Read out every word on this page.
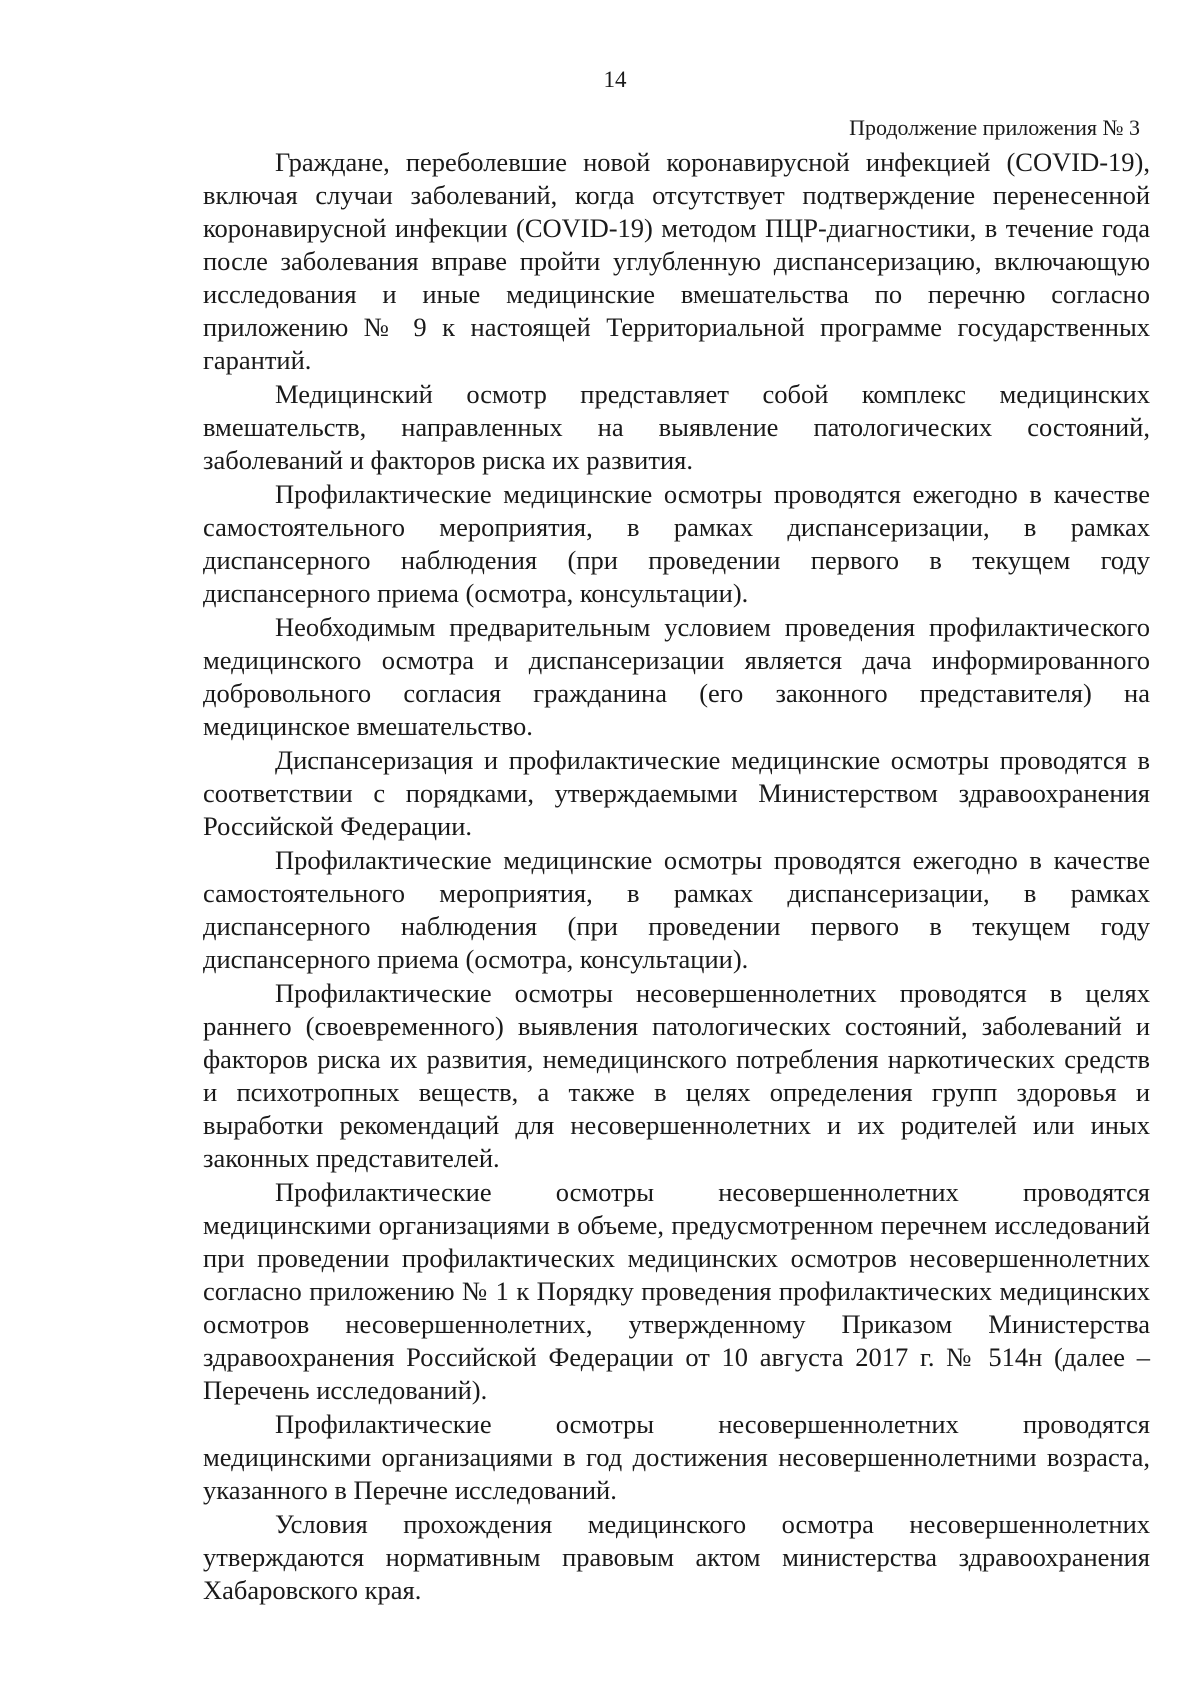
14
Продолжение приложения № 3

Граждане, переболевшие новой коронавирусной инфекцией (COVID-19), включая случаи заболеваний, когда отсутствует подтверждение перенесенной коронавирусной инфекции (COVID-19) методом ПЦР-диагностики, в течение года после заболевания вправе пройти углубленную диспансеризацию, включающую исследования и иные медицинские вмешательства по перечню согласно приложению № 9 к настоящей Территориальной программе государственных гарантий.

Медицинский осмотр представляет собой комплекс медицинских вмешательств, направленных на выявление патологических состояний, заболеваний и факторов риска их развития.

Профилактические медицинские осмотры проводятся ежегодно в качестве самостоятельного мероприятия, в рамках диспансеризации, в рамках диспансерного наблюдения (при проведении первого в текущем году диспансерного приема (осмотра, консультации).

Необходимым предварительным условием проведения профилактического медицинского осмотра и диспансеризации является дача информированного добровольного согласия гражданина (его законного представителя) на медицинское вмешательство.

Диспансеризация и профилактические медицинские осмотры проводятся в соответствии с порядками, утверждаемыми Министерством здравоохранения Российской Федерации.

Профилактические медицинские осмотры проводятся ежегодно в качестве самостоятельного мероприятия, в рамках диспансеризации, в рамках диспансерного наблюдения (при проведении первого в текущем году диспансерного приема (осмотра, консультации).

Профилактические осмотры несовершеннолетних проводятся в целях раннего (своевременного) выявления патологических состояний, заболеваний и факторов риска их развития, немедицинского потребления наркотических средств и психотропных веществ, а также в целях определения групп здоровья и выработки рекомендаций для несовершеннолетних и их родителей или иных законных представителей.

Профилактические осмотры несовершеннолетних проводятся медицинскими организациями в объеме, предусмотренном перечнем исследований при проведении профилактических медицинских осмотров несовершеннолетних согласно приложению № 1 к Порядку проведения профилактических медицинских осмотров несовершеннолетних, утвержденному Приказом Министерства здравоохранения Российской Федерации от 10 августа 2017 г. № 514н (далее – Перечень исследований).

Профилактические осмотры несовершеннолетних проводятся медицинскими организациями в год достижения несовершеннолетними возраста, указанного в Перечне исследований.

Условия прохождения медицинского осмотра несовершеннолетних утверждаются нормативным правовым актом министерства здравоохранения Хабаровского края.
